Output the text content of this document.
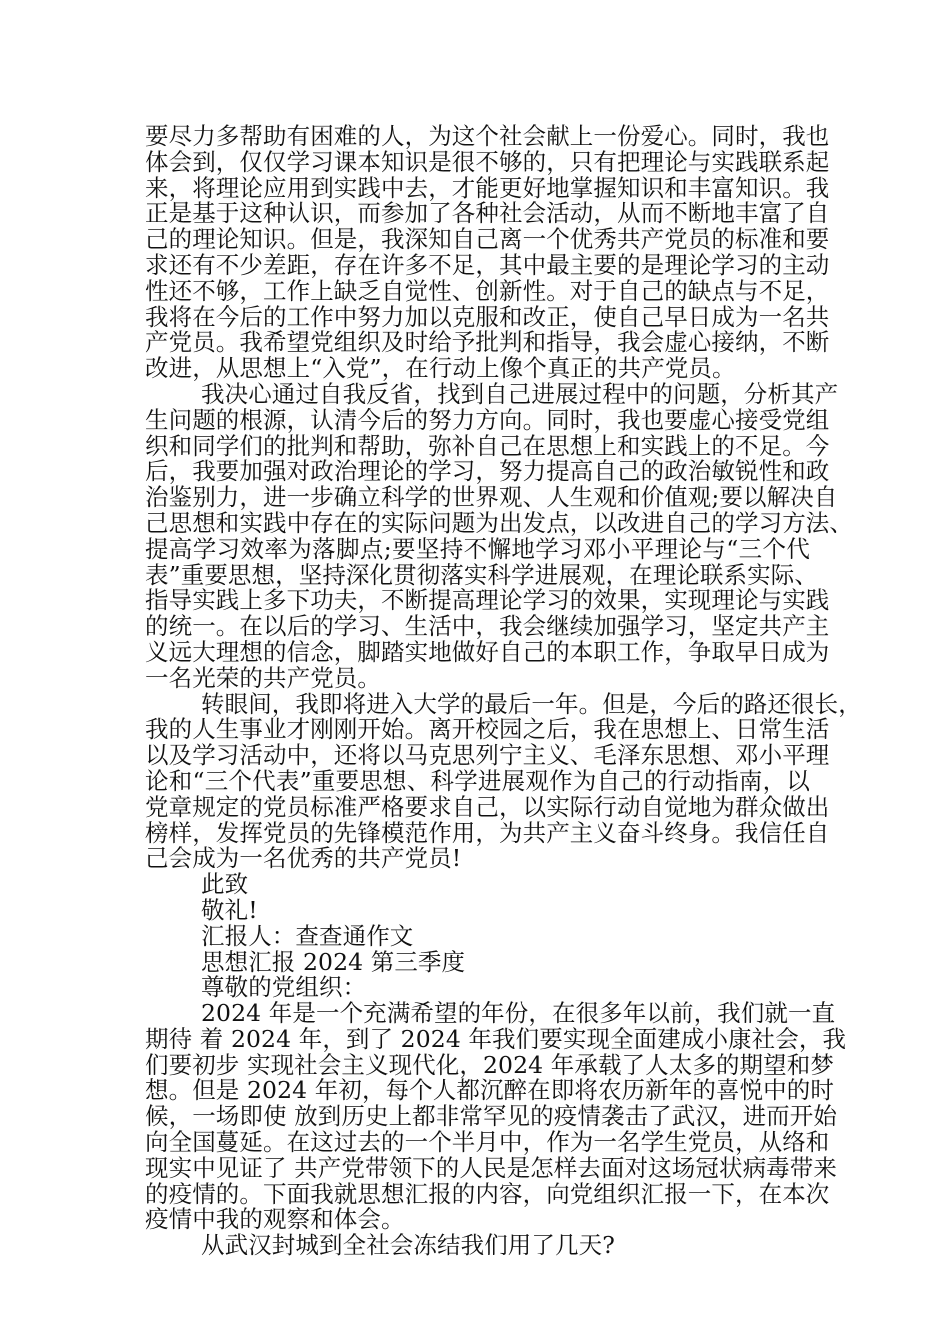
要尽力多帮助有困难的人，为这个社会献上一份爱心。同时，我也
体会到，仅仅学习课本知识是很不够的，只有把理论与实践联系起
来，将理论应用到实践中去，才能更好地掌握知识和丰富知识。我
正是基于这种认识，而参加了各种社会活动，从而不断地丰富了自
己的理论知识。但是，我深知自己离一个优秀共产党员的标准和要
求还有不少差距，存在许多不足，其中最主要的是理论学习的主动
性还不够，工作上缺乏自觉性、创新性。对于自己的缺点与不足，
我将在今后的工作中努力加以克服和改正，使自己早日成为一名共
产党员。我希望党组织及时给予批判和指导，我会虚心接纳，不断
改进，从思想上“入党”，在行动上像个真正的共产党员。
我决心通过自我反省，找到自己进展过程中的问题，分析其产
生问题的根源，认清今后的努力方向。同时，我也要虚心接受党组
织和同学们的批判和帮助，弥补自己在思想上和实践上的不足。今
后，我要加强对政治理论的学习，努力提高自己的政治敏锐性和政
治鉴别力，进一步确立科学的世界观、人生观和价值观;要以解决自
己思想和实践中存在的实际问题为出发点，以改进自己的学习方法、
提高学习效率为落脚点;要坚持不懈地学习邓小平理论与“三个代
表”重要思想，坚持深化贯彻落实科学进展观，在理论联系实际、
指导实践上多下功夫，不断提高理论学习的效果，实现理论与实践
的统一。在以后的学习、生活中，我会继续加强学习，坚定共产主
义远大理想的信念，脚踏实地做好自己的本职工作，争取早日成为
一名光荣的共产党员。
转眼间，我即将进入大学的最后一年。但是，今后的路还很长，
我的人生事业才刚刚开始。离开校园之后，我在思想上、日常生活
以及学习活动中，还将以马克思列宁主义、毛泽东思想、邓小平理
论和“三个代表”重要思想、科学进展观作为自己的行动指南，以
党章规定的党员标准严格要求自己，以实际行动自觉地为群众做出
榜样，发挥党员的先锋模范作用，为共产主义奋斗终身。我信任自
己会成为一名优秀的共产党员!
此致
敬礼!
汇报人：查查通作文
思想汇报 2024 第三季度
尊敬的党组织：
2024 年是一个充满希望的年份，在很多年以前，我们就一直
期待 着 2024 年，到了 2024 年我们要实现全面建成小康社会，我
们要初步 实现社会主义现代化，2024 年承载了人太多的期望和梦
想。但是 2024 年初，每个人都沉醉在即将农历新年的喜悦中的时
候，一场即使 放到历史上都非常罕见的疫情袭击了武汉，进而开始
向全国蔓延。在这过去的一个半月中，作为一名学生党员，从络和
现实中见证了 共产党带领下的人民是怎样去面对这场冠状病毒带来
的疫情的。下面我就思想汇报的内容，向党组织汇报一下，在本次
疫情中我的观察和体会。
从武汉封城到全社会冻结我们用了几天?
